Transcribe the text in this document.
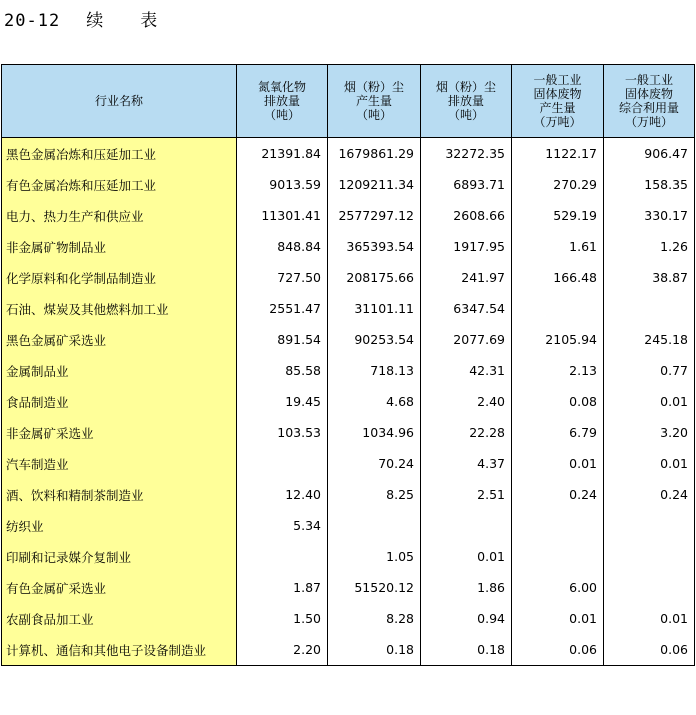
20-12 续 表
行业名称	氮氧化物
排放量
（吨）	烟（粉）尘
产生量
（吨）	烟（粉）尘
排放量
（吨）	一般工业
固体废物
产生量
（万吨）	一般工业
固体废物
综合利用量
（万吨）

黑色金属冶炼和压延加工业	21391.84	1679861.29	32272.35	1122.17	906.47
有色金属冶炼和压延加工业	9013.59	1209211.34	6893.71	270.29	158.35
电力、热力生产和供应业	11301.41	2577297.12	2608.66	529.19	330.17
非金属矿物制品业	848.84	365393.54	1917.95	1.61	1.26
化学原料和化学制品制造业	727.50	208175.66	241.97	166.48	38.87
石油、煤炭及其他燃料加工业	2551.47	31101.11	6347.54		
黑色金属矿采选业	891.54	90253.54	2077.69	2105.94	245.18
金属制品业	85.58	718.13	42.31	2.13	0.77
食品制造业	19.45	4.68	2.40	0.08	0.01
非金属矿采选业	103.53	1034.96	22.28	6.79	3.20
汽车制造业		70.24	4.37	0.01	0.01
酒、饮料和精制茶制造业	12.40	8.25	2.51	0.24	0.24
纺织业	5.34				
印刷和记录媒介复制业		1.05	0.01		
有色金属矿采选业	1.87	51520.12	1.86	6.00	
农副食品加工业	1.50	8.28	0.94	0.01	0.01
计算机、通信和其他电子设备制造业	2.20	0.18	0.18	0.06	0.06
